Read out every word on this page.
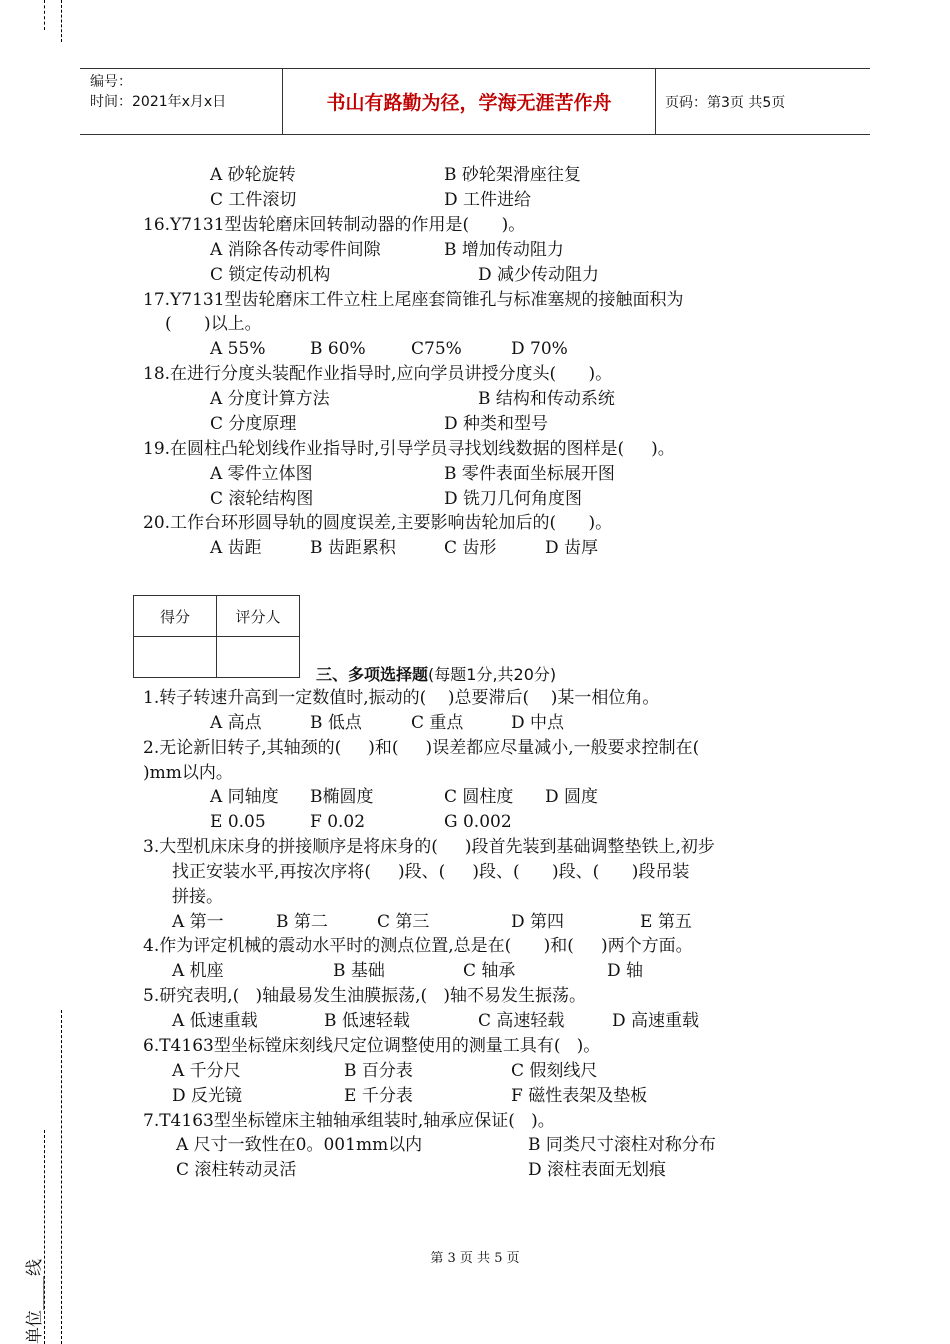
单位____线
编号：
时间：2021年x月x日	书山有路勤为径，学海无涯苦作舟	页码：第3页 共5页
A 砂轮旋转	B 砂轮架滑座往复
C 工件滚切	D 工件进给
16.Y7131型齿轮磨床回转制动器的作用是(      )。
A 消除各传动零件间隙	B 增加传动阻力
C 锁定传动机构	D 减少传动阻力
17.Y7131型齿轮磨床工件立柱上尾座套筒锥孔与标准塞规的接触面积为
(      )以上。
A 55%	B 60%	C75%	D 70%
18.在进行分度头装配作业指导时,应向学员讲授分度头(      )。
A 分度计算方法	B 结构和传动系统
C 分度原理	D 种类和型号
19.在圆柱凸轮划线作业指导时,引导学员寻找划线数据的图样是(     )。
A 零件立体图	B 零件表面坐标展开图
C 滚轮结构图	D 铣刀几何角度图
20.工作台环形圆导轨的圆度误差,主要影响齿轮加后的(      )。
A 齿距	B 齿距累积	C 齿形	D 齿厚
得分	评分人

三、多项选择题(每题1分,共20分)
1.转子转速升高到一定数值时,振动的(    )总要滞后(    )某一相位角。
A 高点	B 低点	C 重点	D 中点
2.无论新旧转子,其轴颈的(     )和(     )误差都应尽量减小,一般要求控制在(
)mm以内。
A 同轴度 B椭圆度	C 圆柱度 D 圆度
E 0.05	F 0.02	G 0.002
3.大型机床床身的拼接顺序是将床身的(     )段首先装到基础调整垫铁上,初步
找正安装水平,再按次序将(     )段、(     )段、(      )段、(      )段吊装
拼接。
A 第一	B 第二	C 第三	D 第四	E 第五
4.作为评定机械的震动水平时的测点位置,总是在(      )和(     )两个方面。
A 机座	B 基础	C 轴承	D 轴
5.研究表明,(   )轴最易发生油膜振荡,(   )轴不易发生振荡。
A 低速重载	B 低速轻载	C 高速轻载	D 高速重载
6.T4163型坐标镗床刻线尺定位调整使用的测量工具有(   )。
A 千分尺	B 百分表	C 假刻线尺
D 反光镜	E 千分表	F 磁性表架及垫板
7.T4163型坐标镗床主轴轴承组装时,轴承应保证(   )。
A 尺寸一致性在0。001mm以内	B 同类尺寸滚柱对称分布
C 滚柱转动灵活	D 滚柱表面无划痕
第 3 页 共 5 页
